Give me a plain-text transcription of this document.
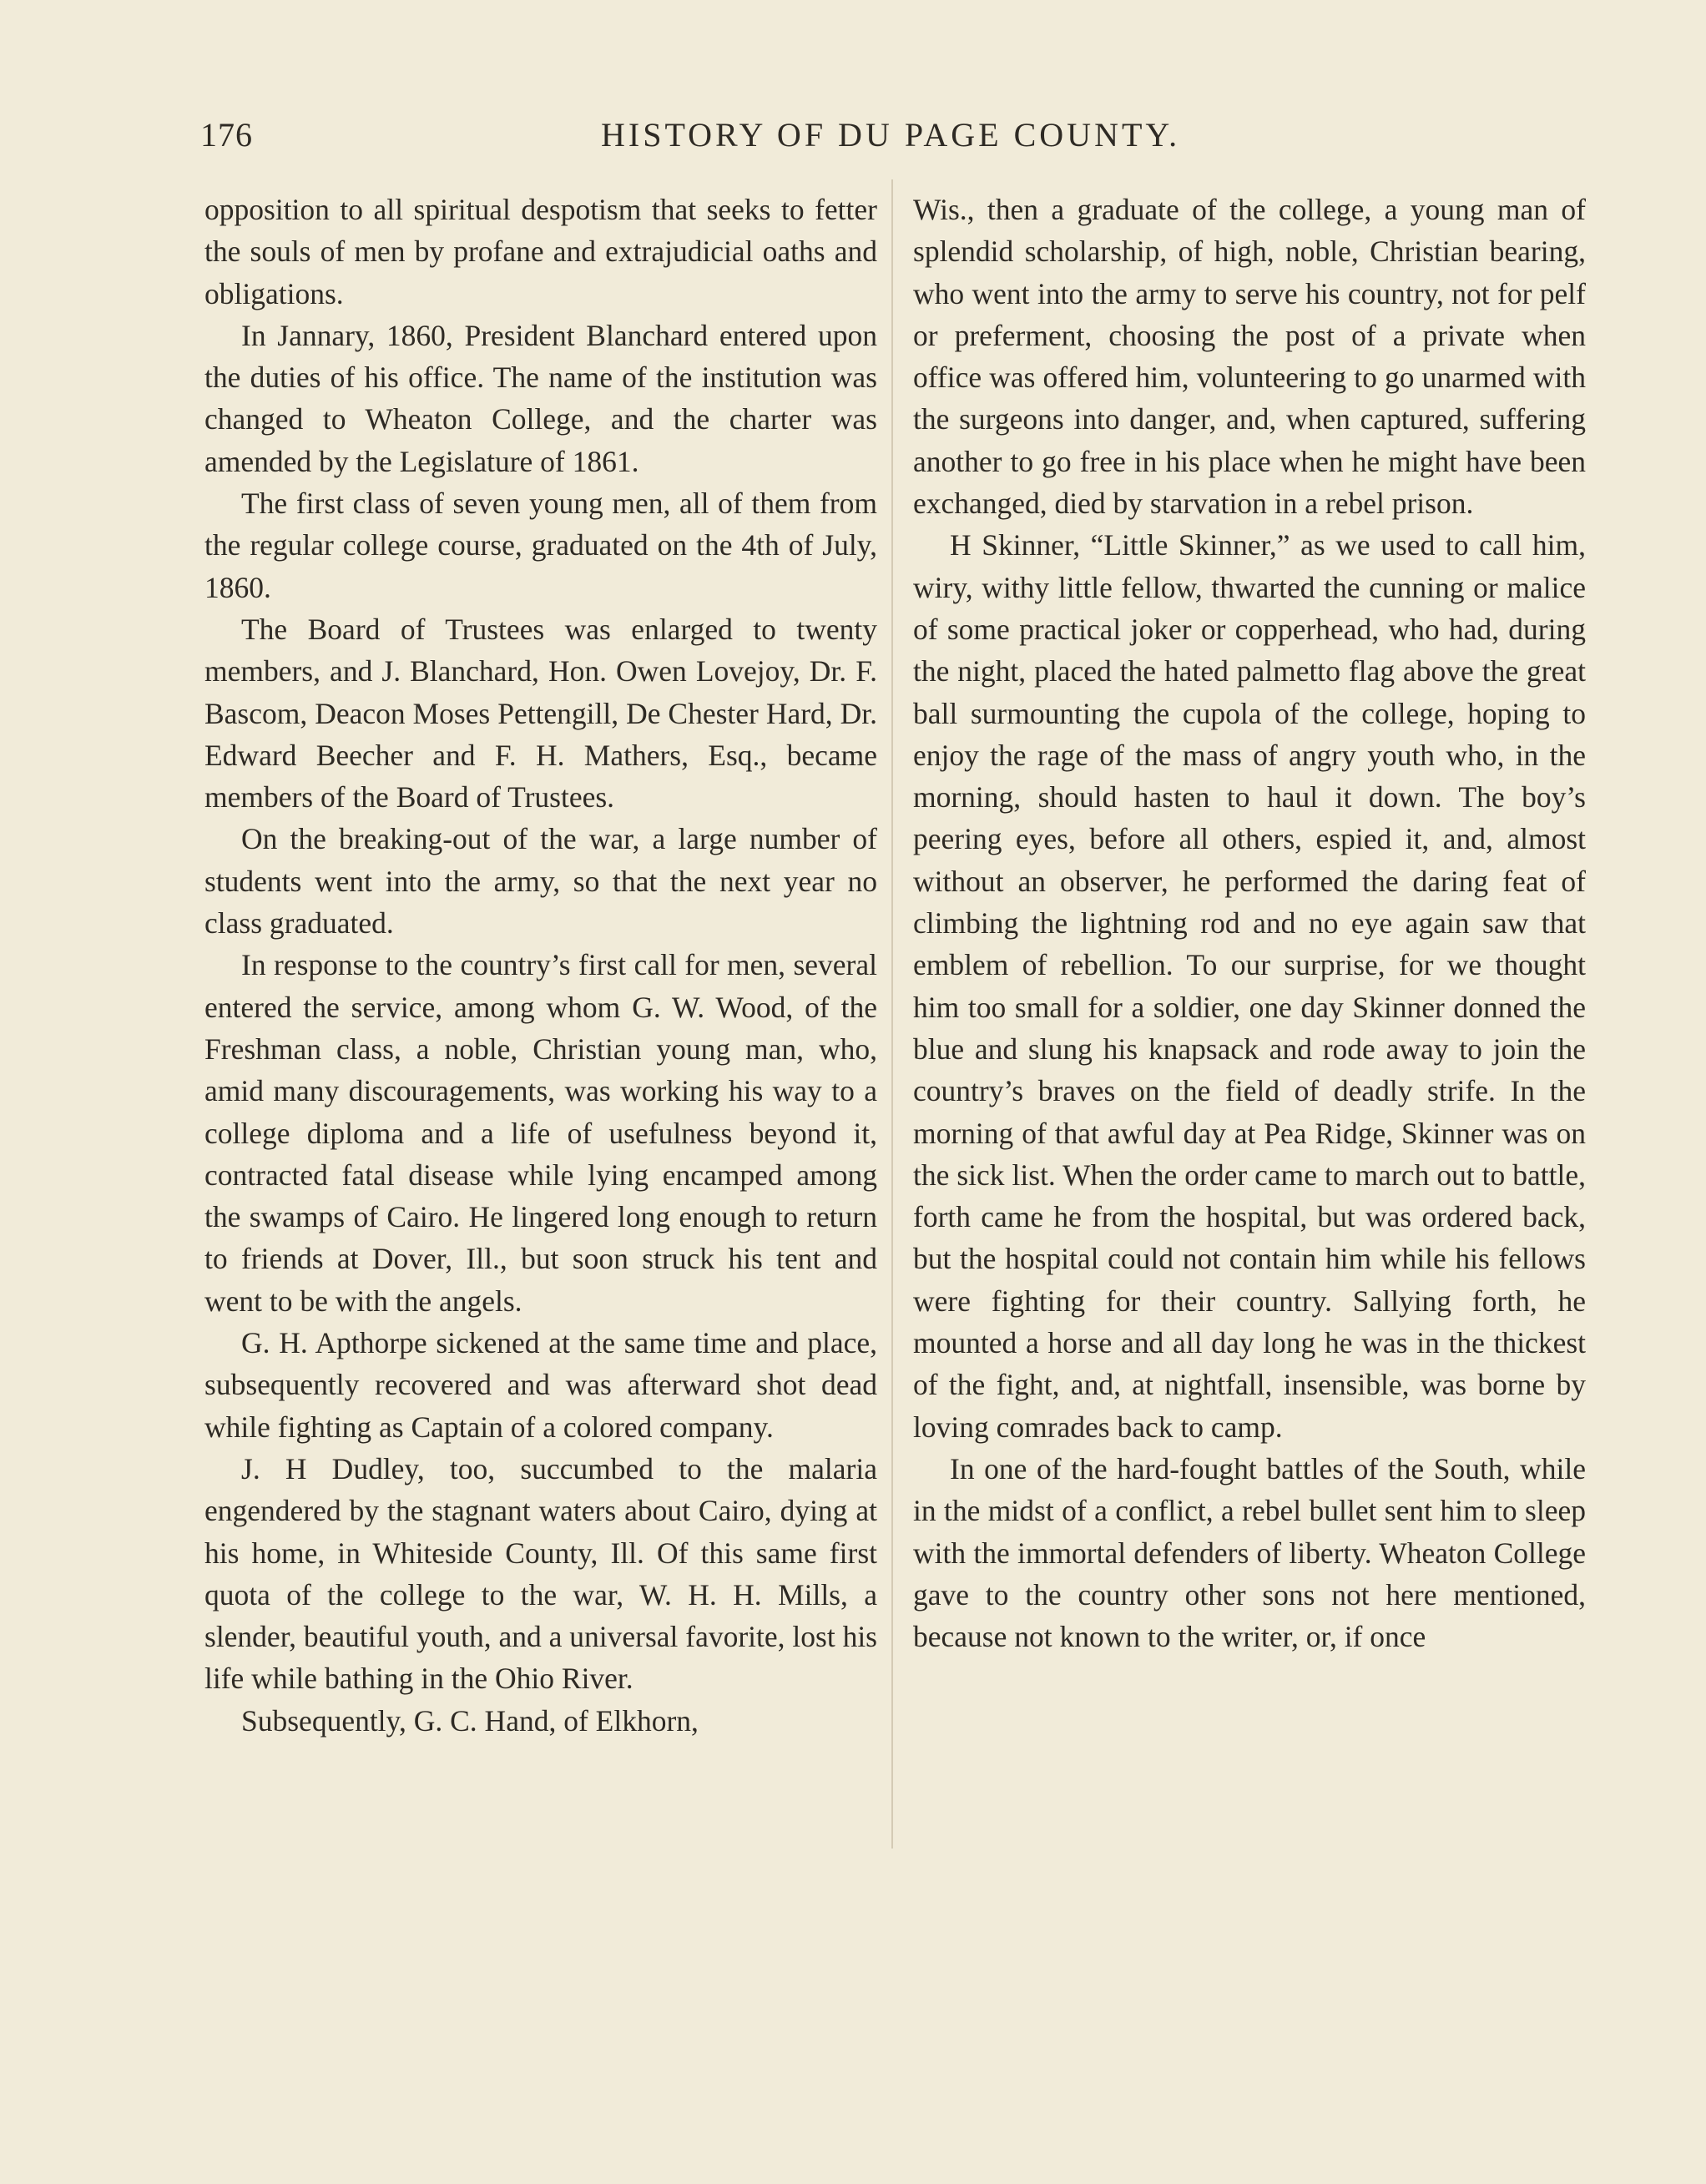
176	HISTORY OF DU PAGE COUNTY.

opposition to all spiritual despotism that seeks to fetter the souls of men by profane and extrajudicial oaths and obligations.

In Jannary, 1860, President Blanchard entered upon the duties of his office. The name of the institution was changed to Wheaton College, and the charter was amended by the Legislature of 1861.

The first class of seven young men, all of them from the regular college course, graduated on the 4th of July, 1860.

The Board of Trustees was enlarged to twenty members, and J. Blanchard, Hon. Owen Lovejoy, Dr. F. Bascom, Deacon Moses Pettengill, De Chester Hard, Dr. Edward Beecher and F. H. Mathers, Esq., became members of the Board of Trustees.

On the breaking-out of the war, a large number of students went into the army, so that the next year no class graduated.

In response to the country’s first call for men, several entered the service, among whom G. W. Wood, of the Freshman class, a noble, Christian young man, who, amid many discouragements, was working his way to a college diploma and a life of usefulness beyond it, contracted fatal disease while lying encamped among the swamps of Cairo. He lingered long enough to return to friends at Dover, Ill., but soon struck his tent and went to be with the angels.

G. H. Apthorpe sickened at the same time and place, subsequently recovered and was afterward shot dead while fighting as Captain of a colored company.

J. H Dudley, too, succumbed to the malaria engendered by the stagnant waters about Cairo, dying at his home, in Whiteside County, Ill. Of this same first quota of the college to the war, W. H. H. Mills, a slender, beautiful youth, and a universal favorite, lost his life while bathing in the Ohio River.

Subsequently, G. C. Hand, of Elkhorn,

Wis., then a graduate of the college, a young man of splendid scholarship, of high, noble, Christian bearing, who went into the army to serve his country, not for pelf or preferment, choosing the post of a private when office was offered him, volunteering to go unarmed with the surgeons into danger, and, when captured, suffering another to go free in his place when he might have been exchanged, died by starvation in a rebel prison.

H Skinner, “Little Skinner,” as we used to call him, wiry, withy little fellow, thwarted the cunning or malice of some practical joker or copperhead, who had, during the night, placed the hated palmetto flag above the great ball surmounting the cupola of the college, hoping to enjoy the rage of the mass of angry youth who, in the morning, should hasten to haul it down. The boy’s peering eyes, before all others, espied it, and, almost without an observer, he performed the daring feat of climbing the lightning rod and no eye again saw that emblem of rebellion. To our surprise, for we thought him too small for a soldier, one day Skinner donned the blue and slung his knapsack and rode away to join the country’s braves on the field of deadly strife. In the morning of that awful day at Pea Ridge, Skinner was on the sick list. When the order came to march out to battle, forth came he from the hospital, but was ordered back, but the hospital could not contain him while his fellows were fighting for their country. Sallying forth, he mounted a horse and all day long he was in the thickest of the fight, and, at nightfall, insensible, was borne by loving comrades back to camp.

In one of the hard-fought battles of the South, while in the midst of a conflict, a rebel bullet sent him to sleep with the immortal defenders of liberty. Wheaton College gave to the country other sons not here mentioned, because not known to the writer, or, if once
